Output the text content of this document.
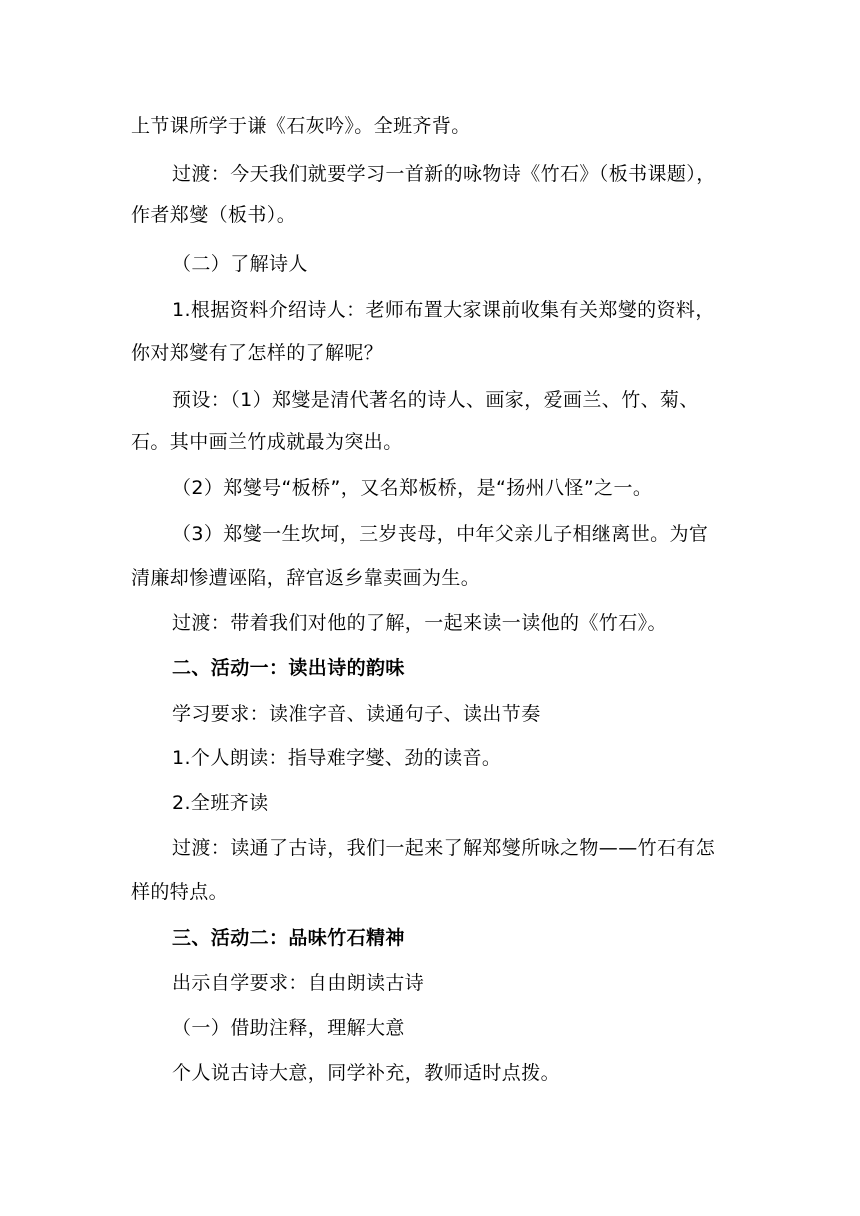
上节课所学于谦《石灰吟》。全班齐背。
过渡：今天我们就要学习一首新的咏物诗《竹石》（板书课题），
作者郑燮（板书）。
（二）了解诗人
1.根据资料介绍诗人：老师布置大家课前收集有关郑燮的资料，
你对郑燮有了怎样的了解呢？
预设：（1）郑燮是清代著名的诗人、画家，爱画兰、竹、菊、
石。其中画兰竹成就最为突出。
（2）郑燮号“板桥”，又名郑板桥，是“扬州八怪”之一。
（3）郑燮一生坎坷，三岁丧母，中年父亲儿子相继离世。为官
清廉却惨遭诬陷，辞官返乡靠卖画为生。
过渡：带着我们对他的了解，一起来读一读他的《竹石》。
二、活动一：读出诗的韵味
学习要求：读准字音、读通句子、读出节奏
1.个人朗读：指导难字燮、劲的读音。
2.全班齐读
过渡：读通了古诗，我们一起来了解郑燮所咏之物——竹石有怎
样的特点。
三、活动二：品味竹石精神
出示自学要求：自由朗读古诗
（一）借助注释，理解大意
个人说古诗大意，同学补充，教师适时点拨。
